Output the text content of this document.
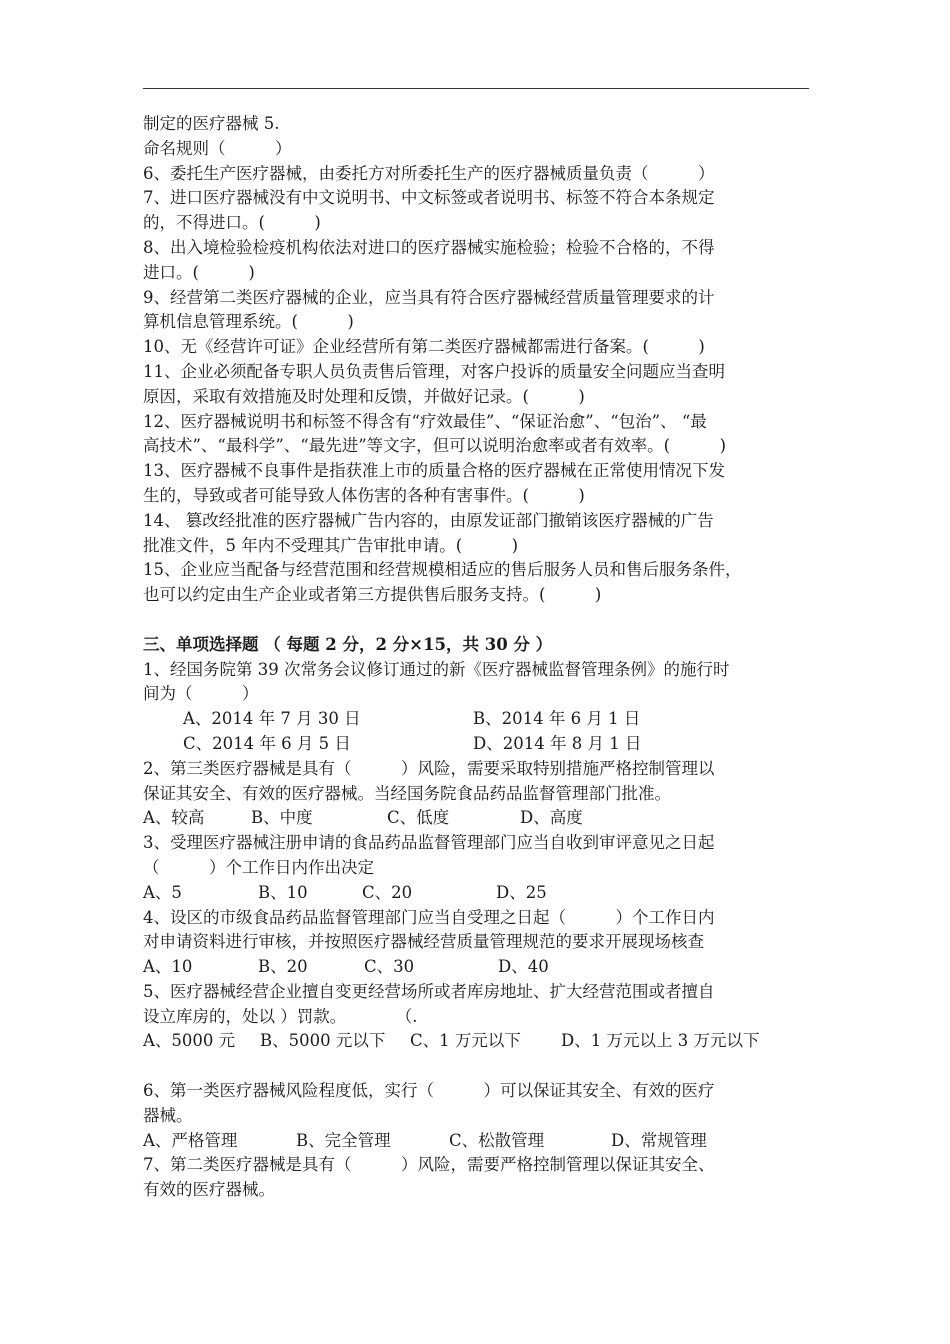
制定的医疗器械 5.
命名规则（　　　）
6、委托生产医疗器械，由委托方对所委托生产的医疗器械质量负责（　　　）
7、进口医疗器械没有中文说明书、中文标签或者说明书、标签不符合本条规定
的，不得进口。(　　　)
8、出入境检验检疫机构依法对进口的医疗器械实施检验；检验不合格的，不得
进口。(　　　)
9、经营第二类医疗器械的企业，应当具有符合医疗器械经营质量管理要求的计
算机信息管理系统。(　　　)
10、无《经营许可证》企业经营所有第二类医疗器械都需进行备案。(　　　)
11、企业必须配备专职人员负责售后管理，对客户投诉的质量安全问题应当查明
原因，采取有效措施及时处理和反馈，并做好记录。(　　　)
12、医疗器械说明书和标签不得含有“疗效最佳”、“保证治愈”、“包治”、 “最
高技术”、“最科学”、“最先进”等文字，但可以说明治愈率或者有效率。(　　　)
13、医疗器械不良事件是指获准上市的质量合格的医疗器械在正常使用情况下发
生的，导致或者可能导致人体伤害的各种有害事件。(　　　)
14、 篡改经批准的医疗器械广告内容的，由原发证部门撤销该医疗器械的广告
批准文件，5 年内不受理其广告审批申请。(　　　)
15、企业应当配备与经营范围和经营规模相适应的售后服务人员和售后服务条件，
也可以约定由生产企业或者第三方提供售后服务支持。(　　　)
三、单项选择题 （ 每题 2 分，2 分×15，共 30 分 ）
1、经国务院第 39 次常务会议修订通过的新《医疗器械监督管理条例》的施行时
间为（　　　）
A、2014 年 7 月 30 日	B、2014 年 6 月 1 日
C、2014 年 6 月 5 日	D、2014 年 8 月 1 日
2、第三类医疗器械是具有（　　　）风险，需要采取特别措施严格控制管理以
保证其安全、有效的医疗器械。当经国务院食品药品监督管理部门批准。
A、较高	B、中度	C、低度	D、高度
3、受理医疗器械注册申请的食品药品监督管理部门应当自收到审评意见之日起
（　　　）个工作日内作出决定
A、5	B、10	C、20	D、25
4、设区的市级食品药品监督管理部门应当自受理之日起（　　　）个工作日内
对申请资料进行审核，并按照医疗器械经营质量管理规范的要求开展现场核查
A、10	B、20	C、30	D、40
5、医疗器械经营企业擅自变更经营场所或者库房地址、扩大经营范围或者擅自
设立库房的，处以 ）罚款。　　　　（.
A、5000 元	B、5000 元以下	C、1 万元以下	D、1 万元以上 3 万元以下
6、第一类医疗器械风险程度低，实行（　　　）可以保证其安全、有效的医疗
器械。
A、严格管理	B、完全管理	C、松散管理	D、常规管理
7、第二类医疗器械是具有（　　　）风险，需要严格控制管理以保证其安全、
有效的医疗器械。
